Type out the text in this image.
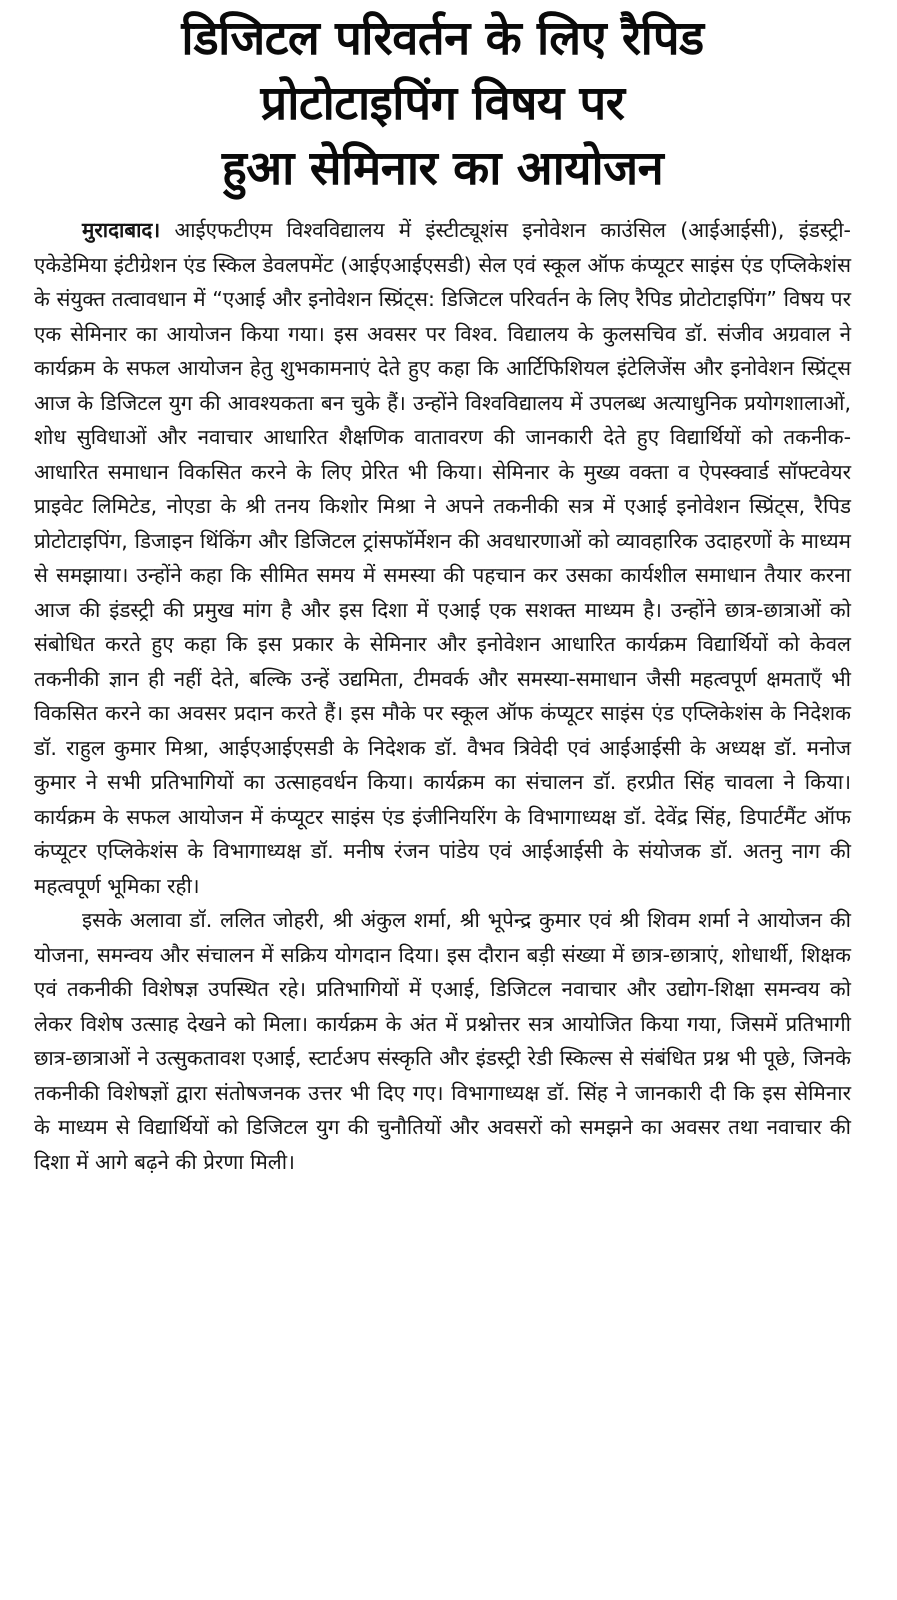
डिजिटल परिवर्तन के लिए रैपिड
प्रोटोटाइपिंग विषय पर
हुआ सेमिनार का आयोजन

मुरादाबाद। आईएफटीएम विश्वविद्यालय में इंस्टीट्यूशंस इनोवेशन काउंसिल (आईआईसी), इंडस्ट्री-एकेडेमिया इंटीग्रेशन एंड स्किल डेवलपमेंट (आईएआईएसडी) सेल एवं स्कूल ऑफ कंप्यूटर साइंस एंड एप्लिकेशंस के संयुक्त तत्वावधान में “एआई और इनोवेशन स्प्रिंट्स: डिजिटल परिवर्तन के लिए रैपिड प्रोटोटाइपिंग” विषय पर एक सेमिनार का आयोजन किया गया। इस अवसर पर विश्व. विद्यालय के कुलसचिव डॉ. संजीव अग्रवाल ने कार्यक्रम के सफल आयोजन हेतु शुभकामनाएं देते हुए कहा कि आर्टिफिशियल इंटेलिजेंस और इनोवेशन स्प्रिंट्स आज के डिजिटल युग की आवश्यकता बन चुके हैं। उन्होंने विश्वविद्यालय में उपलब्ध अत्याधुनिक प्रयोगशालाओं, शोध सुविधाओं और नवाचार आधारित शैक्षणिक वातावरण की जानकारी देते हुए विद्यार्थियों को तकनीक-आधारित समाधान विकसित करने के लिए प्रेरित भी किया। सेमिनार के मुख्य वक्ता व ऐपस्क्वार्ड सॉफ्टवेयर प्राइवेट लिमिटेड, नोएडा के श्री तनय किशोर मिश्रा ने अपने तकनीकी सत्र में एआई इनोवेशन स्प्रिंट्स, रैपिड प्रोटोटाइपिंग, डिजाइन थिंकिंग और डिजिटल ट्रांसफॉर्मेशन की अवधारणाओं को व्यावहारिक उदाहरणों के माध्यम से समझाया। उन्होंने कहा कि सीमित समय में समस्या की पहचान कर उसका कार्यशील समाधान तैयार करना आज की इंडस्ट्री की प्रमुख मांग है और इस दिशा में एआई एक सशक्त माध्यम है। उन्होंने छात्र-छात्राओं को संबोधित करते हुए कहा कि इस प्रकार के सेमिनार और इनोवेशन आधारित कार्यक्रम विद्यार्थियों को केवल तकनीकी ज्ञान ही नहीं देते, बल्कि उन्हें उद्यमिता, टीमवर्क और समस्या-समाधान जैसी महत्वपूर्ण क्षमताएँ भी विकसित करने का अवसर प्रदान करते हैं। इस मौके पर स्कूल ऑफ कंप्यूटर साइंस एंड एप्लिकेशंस के निदेशक डॉ. राहुल कुमार मिश्रा, आईएआईएसडी के निदेशक डॉ. वैभव त्रिवेदी एवं आईआईसी के अध्यक्ष डॉ. मनोज कुमार ने सभी प्रतिभागियों का उत्साहवर्धन किया। कार्यक्रम का संचालन डॉ. हरप्रीत सिंह चावला ने किया। कार्यक्रम के सफल आयोजन में कंप्यूटर साइंस एंड इंजीनियरिंग के विभागाध्यक्ष डॉ. देवेंद्र सिंह, डिपार्टमैंट ऑफ कंप्यूटर एप्लिकेशंस के विभागाध्यक्ष डॉ. मनीष रंजन पांडेय एवं आईआईसी के संयोजक डॉ. अतनु नाग की महत्वपूर्ण भूमिका रही।

इसके अलावा डॉ. ललित जोहरी, श्री अंकुल शर्मा, श्री भूपेन्द्र कुमार एवं श्री शिवम शर्मा ने आयोजन की योजना, समन्वय और संचालन में सक्रिय योगदान दिया। इस दौरान बड़ी संख्या में छात्र-छात्राएं, शोधार्थी, शिक्षक एवं तकनीकी विशेषज्ञ उपस्थित रहे। प्रतिभागियों में एआई, डिजिटल नवाचार और उद्योग-शिक्षा समन्वय को लेकर विशेष उत्साह देखने को मिला। कार्यक्रम के अंत में प्रश्नोत्तर सत्र आयोजित किया गया, जिसमें प्रतिभागी छात्र-छात्राओं ने उत्सुकतावश एआई, स्टार्टअप संस्कृति और इंडस्ट्री रेडी स्किल्स से संबंधित प्रश्न भी पूछे, जिनके तकनीकी विशेषज्ञों द्वारा संतोषजनक उत्तर भी दिए गए। विभागाध्यक्ष डॉ. सिंह ने जानकारी दी कि इस सेमिनार के माध्यम से विद्यार्थियों को डिजिटल युग की चुनौतियों और अवसरों को समझने का अवसर तथा नवाचार की दिशा में आगे बढ़ने की प्रेरणा मिली।
